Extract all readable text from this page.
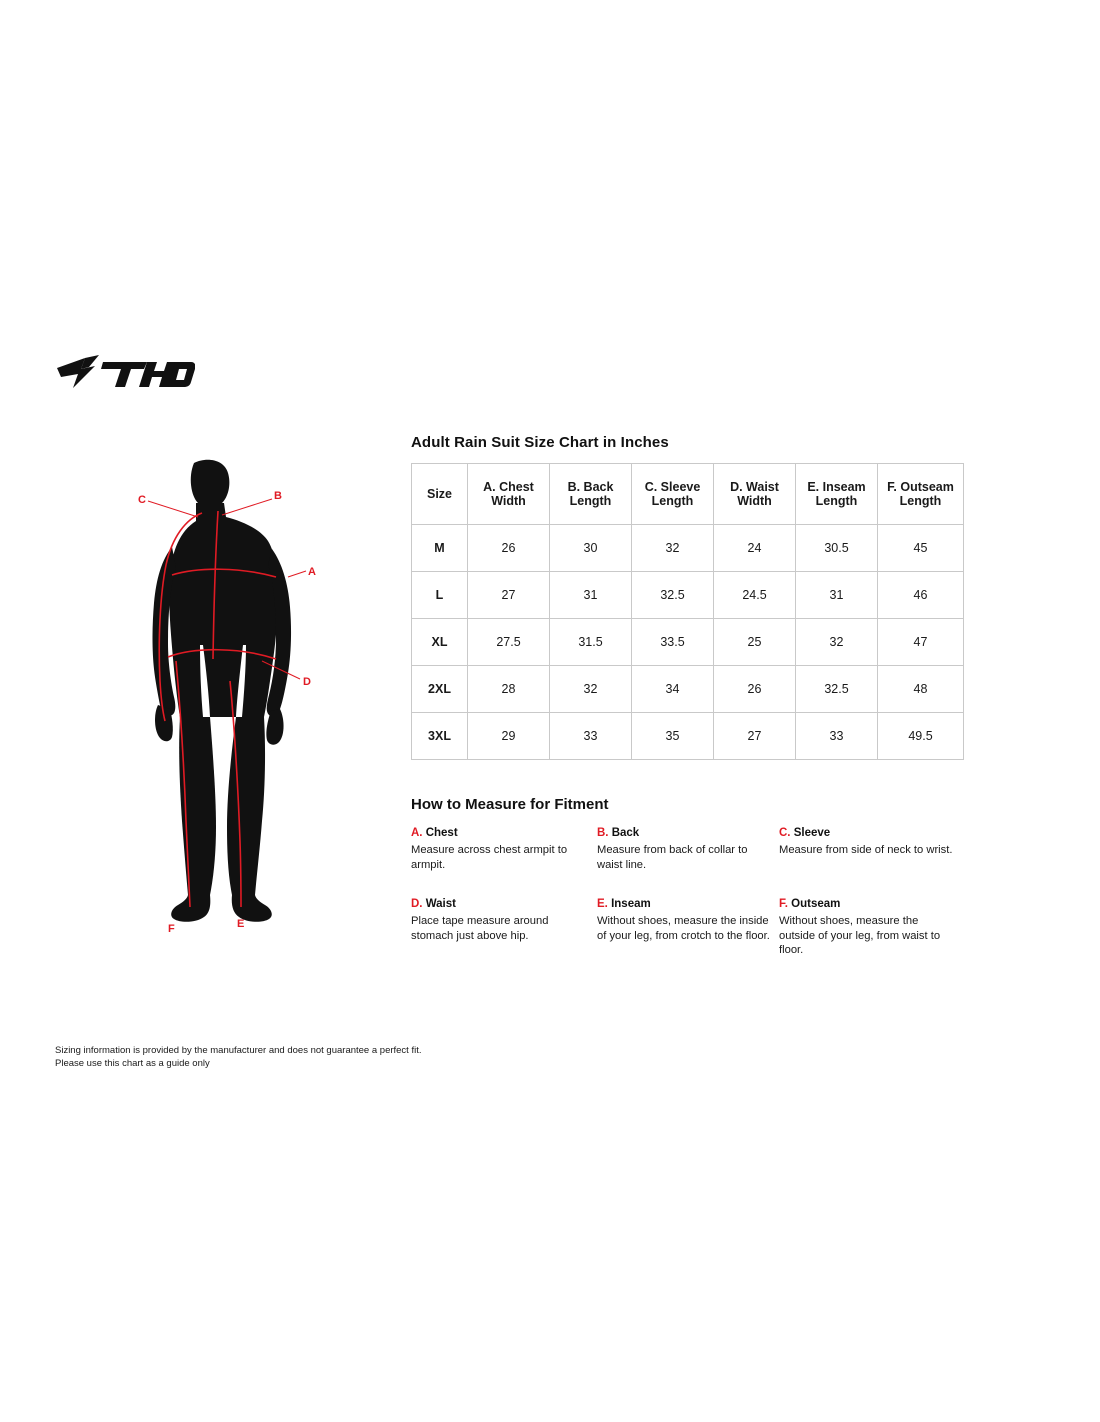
A
B
C
D
E
F
Adult Rain Suit Size Chart in Inches
Size	A. Chest Width	B. Back Length	C. Sleeve Length	D. Waist Width	E. Inseam Length	F. Outseam Length
M	26	30	32	24	30.5	45
L	27	31	32.5	24.5	31	46
XL	27.5	31.5	33.5	25	32	47
2XL	28	32	34	26	32.5	48
3XL	29	33	35	27	33	49.5
How to Measure for Fitment
A. Chest
Measure across chest armpit to armpit.
B. Back
Measure from back of collar to waist line.
C. Sleeve
Measure from side of neck to wrist.
D. Waist
Place tape measure around stomach just above hip.
E. Inseam
Without shoes, measure the inside of your leg, from crotch to the floor.
F. Outseam
Without shoes, measure the outside of your leg, from waist to floor.
Sizing information is provided by the manufacturer and does not guarantee a perfect fit.
Please use this chart as a guide only
